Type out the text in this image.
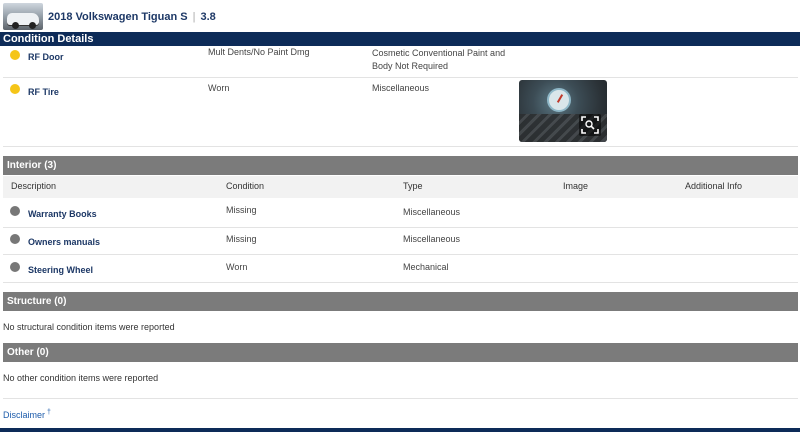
2018 Volkswagen Tiguan S | 3.8
Condition Details
RF Door	Mult Dents/No Paint Dmg	Cosmetic Conventional Paint and
Body Not Required
RF Tire	Worn	Miscellaneous
Interior (3)
Description	Condition	Type	Image	Additional Info
Warranty Books	Missing	Miscellaneous
Owners manuals	Missing	Miscellaneous
Steering Wheel	Worn	Mechanical
Structure (0)
No structural condition items were reported
Other (0)
No other condition items were reported
Disclaimer †
